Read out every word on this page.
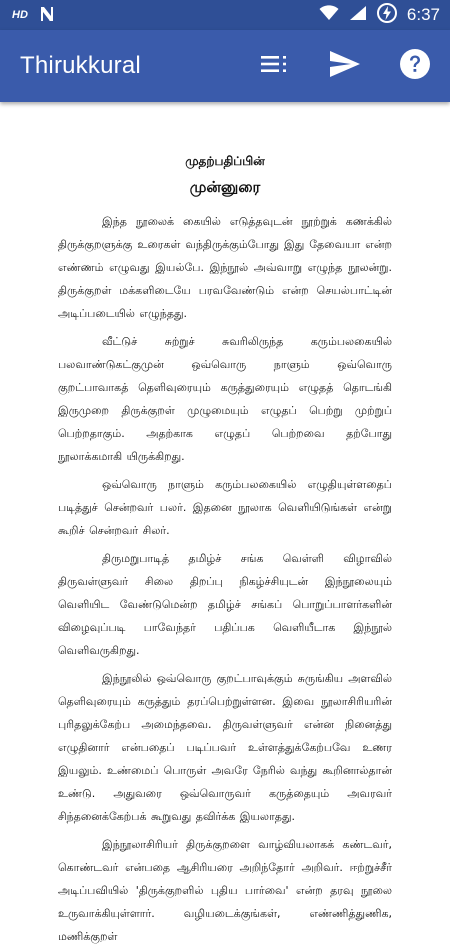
HD	6:37
Thirukkural
முதற்பதிப்பின்
முன்னுரை

இந்த நூலைக் கையில் எடுத்தவுடன் நூற்றுக் கணக்கில் திருக்குறளுக்கு உரைகள் வந்திருக்கும்போது இது தேவையா என்ற எண்ணம் எழுவது இயல்பே. இந்நூல் அவ்வாறு எழுந்த நூலன்று. திருக்குறள் மக்களிடையே பரவவேண்டும் என்ற செயல்பாட்டின் அடிப்படையில் எழுந்தது.

வீட்டுச் சுற்றுச் சுவரிலிருந்த கரும்பலகையில் பலவாண்டுகட்குமுன் ஒவ்வொரு நாளும் ஒவ்வொரு குறட்பாவாகத் தெளிவுரையும் கருத்துரையும் எழுதத் தொடங்கி இருமுறை திருக்குறள் முழுமையும் எழுதப் பெற்று முற்றுப் பெற்றதாகும். அதற்காக எழுதப் பெற்றவை தற்போது நூலாக்கமாகி யிருக்கிறது.

ஒவ்வொரு நாளும் கரும்பலகையில் எழுதியுள்ளதைப் படித்துச் சென்றவர் பலர். இதனை நூலாக வெளியிடுங்கள் என்று கூறிச் சென்றவர் சிலர்.

திருமறுபாடித் தமிழ்ச் சங்க வெள்ளி விழாவில் திருவள்ளுவர் சிலை திறப்பு நிகழ்ச்சியுடன் இந்நூலையும் வெளியிட வேண்டுமென்ற தமிழ்ச் சங்கப் பொறுப்பாளர்களின் விழைவுப்படி பாவேந்தர் பதிப்பக வெளியீடாக இந்நூல் வெளிவருகிறது.

இந்நூலில் ஒவ்வொரு குறட்பாவுக்கும் சுருங்கிய அளவில் தெளிவுரையும் கருத்தும் தரப்பெற்றுள்ளன. இவை நூலாசிரியரின் புரிதலுக்கேற்ப அமைந்தவை. திருவள்ளுவர் என்ன நினைத்து எழுதினார் என்பதைப் படிப்பவர் உள்ளத்துக்கேற்பவே உணர இயலும். உண்மைப் பொருள் அவரே நேரில் வந்து கூறினால்தான் உண்டு. அதுவரை ஒவ்வொருவர் கருத்தையும் அவரவர் சிந்தனைக்கேற்பக் கூறுவது தவிர்க்க இயலாதது.

இந்நூலாசிரியர் திருக்குறளை வாழ்வியலாகக் கண்டவர், கொண்டவர் என்பதை ஆசிரியரை அறிந்தோர் அறிவர். ஈற்றுச்சீர் அடிப்பவியில் 'திருக்குறளில் புதிய பார்வை' என்ற தரவு நூலை உருவாக்கியுள்ளார். வழியடைக்குங்கள், எண்ணித்துணிக, மணிக்குறள்
